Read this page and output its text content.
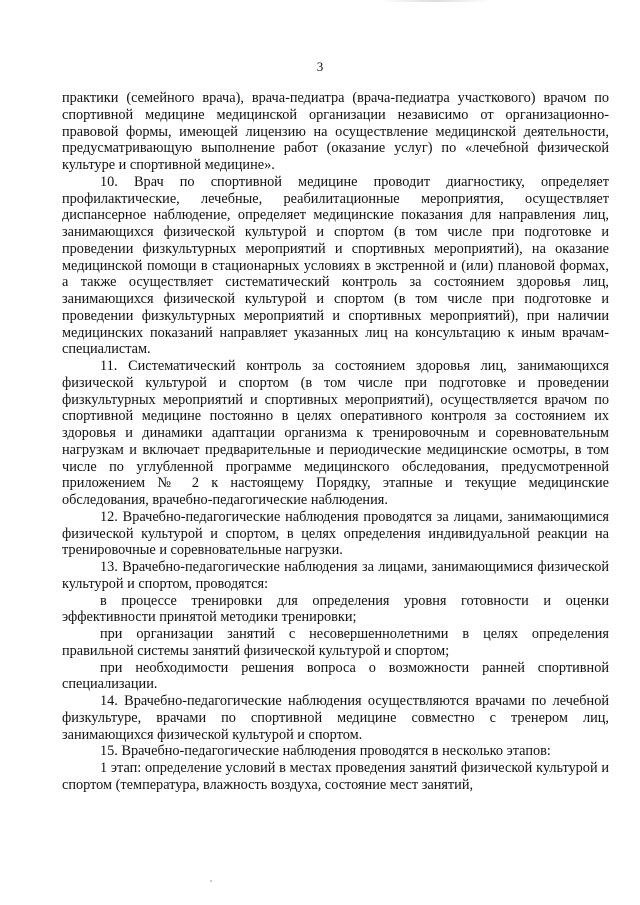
3

практики (семейного врача), врача-педиатра (врача-педиатра участкового) врачом по спортивной медицине медицинской организации независимо от организационно-правовой формы, имеющей лицензию на осуществление медицинской деятельности, предусматривающую выполнение работ (оказание услуг) по «лечебной физической культуре и спортивной медицине».

10. Врач по спортивной медицине проводит диагностику, определяет профилактические, лечебные, реабилитационные мероприятия, осуществляет диспансерное наблюдение, определяет медицинские показания для направления лиц, занимающихся физической культурой и спортом (в том числе при подготовке и проведении физкультурных мероприятий и спортивных мероприятий), на оказание медицинской помощи в стационарных условиях в экстренной и (или) плановой формах, а также осуществляет систематический контроль за состоянием здоровья лиц, занимающихся физической культурой и спортом (в том числе при подготовке и проведении физкультурных мероприятий и спортивных мероприятий), при наличии медицинских показаний направляет указанных лиц на консультацию к иным врачам-специалистам.

11. Систематический контроль за состоянием здоровья лиц, занимающихся физической культурой и спортом (в том числе при подготовке и проведении физкультурных мероприятий и спортивных мероприятий), осуществляется врачом по спортивной медицине постоянно в целях оперативного контроля за состоянием их здоровья и динамики адаптации организма к тренировочным и соревновательным нагрузкам и включает предварительные и периодические медицинские осмотры, в том числе по углубленной программе медицинского обследования, предусмотренной приложением № 2 к настоящему Порядку, этапные и текущие медицинские обследования, врачебно-педагогические наблюдения.

12. Врачебно-педагогические наблюдения проводятся за лицами, занимающимися физической культурой и спортом, в целях определения индивидуальной реакции на тренировочные и соревновательные нагрузки.

13. Врачебно-педагогические наблюдения за лицами, занимающимися физической культурой и спортом, проводятся:

в процессе тренировки для определения уровня готовности и оценки эффективности принятой методики тренировки;

при организации занятий с несовершеннолетними в целях определения правильной системы занятий физической культурой и спортом;

при необходимости решения вопроса о возможности ранней спортивной специализации.

14. Врачебно-педагогические наблюдения осуществляются врачами по лечебной физкультуре, врачами по спортивной медицине совместно с тренером лиц, занимающихся физической культурой и спортом.

15. Врачебно-педагогические наблюдения проводятся в несколько этапов:

1 этап: определение условий в местах проведения занятий физической культурой и спортом (температура, влажность воздуха, состояние мест занятий,
